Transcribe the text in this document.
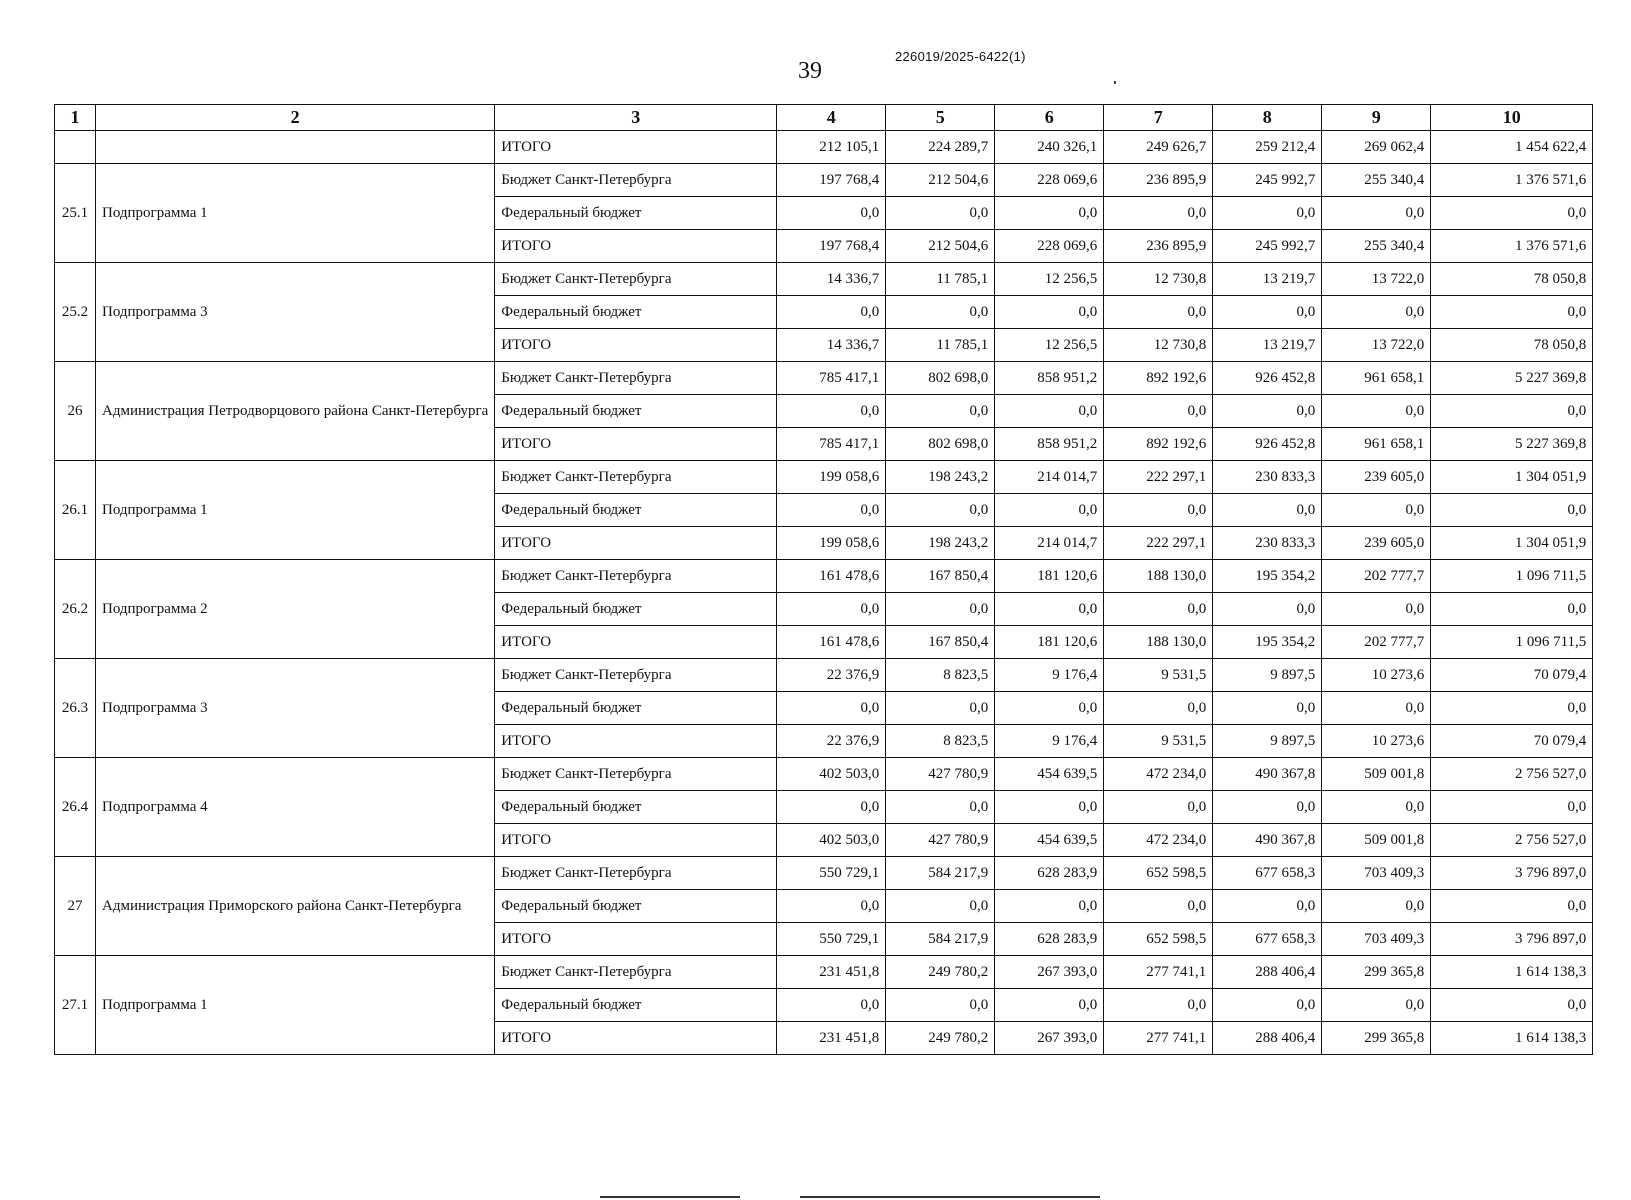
39
226019/2025-6422(1)
1	2	3	4	5	6	7	8	9	10
		ИТОГО	212 105,1	224 289,7	240 326,1	249 626,7	259 212,4	269 062,4	1 454 622,4
25.1	Подпрограмма 1	Бюджет Санкт-Петербурга	197 768,4	212 504,6	228 069,6	236 895,9	245 992,7	255 340,4	1 376 571,6
		Федеральный бюджет	0,0	0,0	0,0	0,0	0,0	0,0	0,0
		ИТОГО	197 768,4	212 504,6	228 069,6	236 895,9	245 992,7	255 340,4	1 376 571,6
25.2	Подпрограмма 3	Бюджет Санкт-Петербурга	14 336,7	11 785,1	12 256,5	12 730,8	13 219,7	13 722,0	78 050,8
		Федеральный бюджет	0,0	0,0	0,0	0,0	0,0	0,0	0,0
		ИТОГО	14 336,7	11 785,1	12 256,5	12 730,8	13 219,7	13 722,0	78 050,8
26	Администрация Петродворцового района Санкт-Петербурга	Бюджет Санкт-Петербурга	785 417,1	802 698,0	858 951,2	892 192,6	926 452,8	961 658,1	5 227 369,8
		Федеральный бюджет	0,0	0,0	0,0	0,0	0,0	0,0	0,0
		ИТОГО	785 417,1	802 698,0	858 951,2	892 192,6	926 452,8	961 658,1	5 227 369,8
26.1	Подпрограмма 1	Бюджет Санкт-Петербурга	199 058,6	198 243,2	214 014,7	222 297,1	230 833,3	239 605,0	1 304 051,9
		Федеральный бюджет	0,0	0,0	0,0	0,0	0,0	0,0	0,0
		ИТОГО	199 058,6	198 243,2	214 014,7	222 297,1	230 833,3	239 605,0	1 304 051,9
26.2	Подпрограмма 2	Бюджет Санкт-Петербурга	161 478,6	167 850,4	181 120,6	188 130,0	195 354,2	202 777,7	1 096 711,5
		Федеральный бюджет	0,0	0,0	0,0	0,0	0,0	0,0	0,0
		ИТОГО	161 478,6	167 850,4	181 120,6	188 130,0	195 354,2	202 777,7	1 096 711,5
26.3	Подпрограмма 3	Бюджет Санкт-Петербурга	22 376,9	8 823,5	9 176,4	9 531,5	9 897,5	10 273,6	70 079,4
		Федеральный бюджет	0,0	0,0	0,0	0,0	0,0	0,0	0,0
		ИТОГО	22 376,9	8 823,5	9 176,4	9 531,5	9 897,5	10 273,6	70 079,4
26.4	Подпрограмма 4	Бюджет Санкт-Петербурга	402 503,0	427 780,9	454 639,5	472 234,0	490 367,8	509 001,8	2 756 527,0
		Федеральный бюджет	0,0	0,0	0,0	0,0	0,0	0,0	0,0
		ИТОГО	402 503,0	427 780,9	454 639,5	472 234,0	490 367,8	509 001,8	2 756 527,0
27	Администрация Приморского района Санкт-Петербурга	Бюджет Санкт-Петербурга	550 729,1	584 217,9	628 283,9	652 598,5	677 658,3	703 409,3	3 796 897,0
		Федеральный бюджет	0,0	0,0	0,0	0,0	0,0	0,0	0,0
		ИТОГО	550 729,1	584 217,9	628 283,9	652 598,5	677 658,3	703 409,3	3 796 897,0
27.1	Подпрограмма 1	Бюджет Санкт-Петербурга	231 451,8	249 780,2	267 393,0	277 741,1	288 406,4	299 365,8	1 614 138,3
		Федеральный бюджет	0,0	0,0	0,0	0,0	0,0	0,0	0,0
		ИТОГО	231 451,8	249 780,2	267 393,0	277 741,1	288 406,4	299 365,8	1 614 138,3
